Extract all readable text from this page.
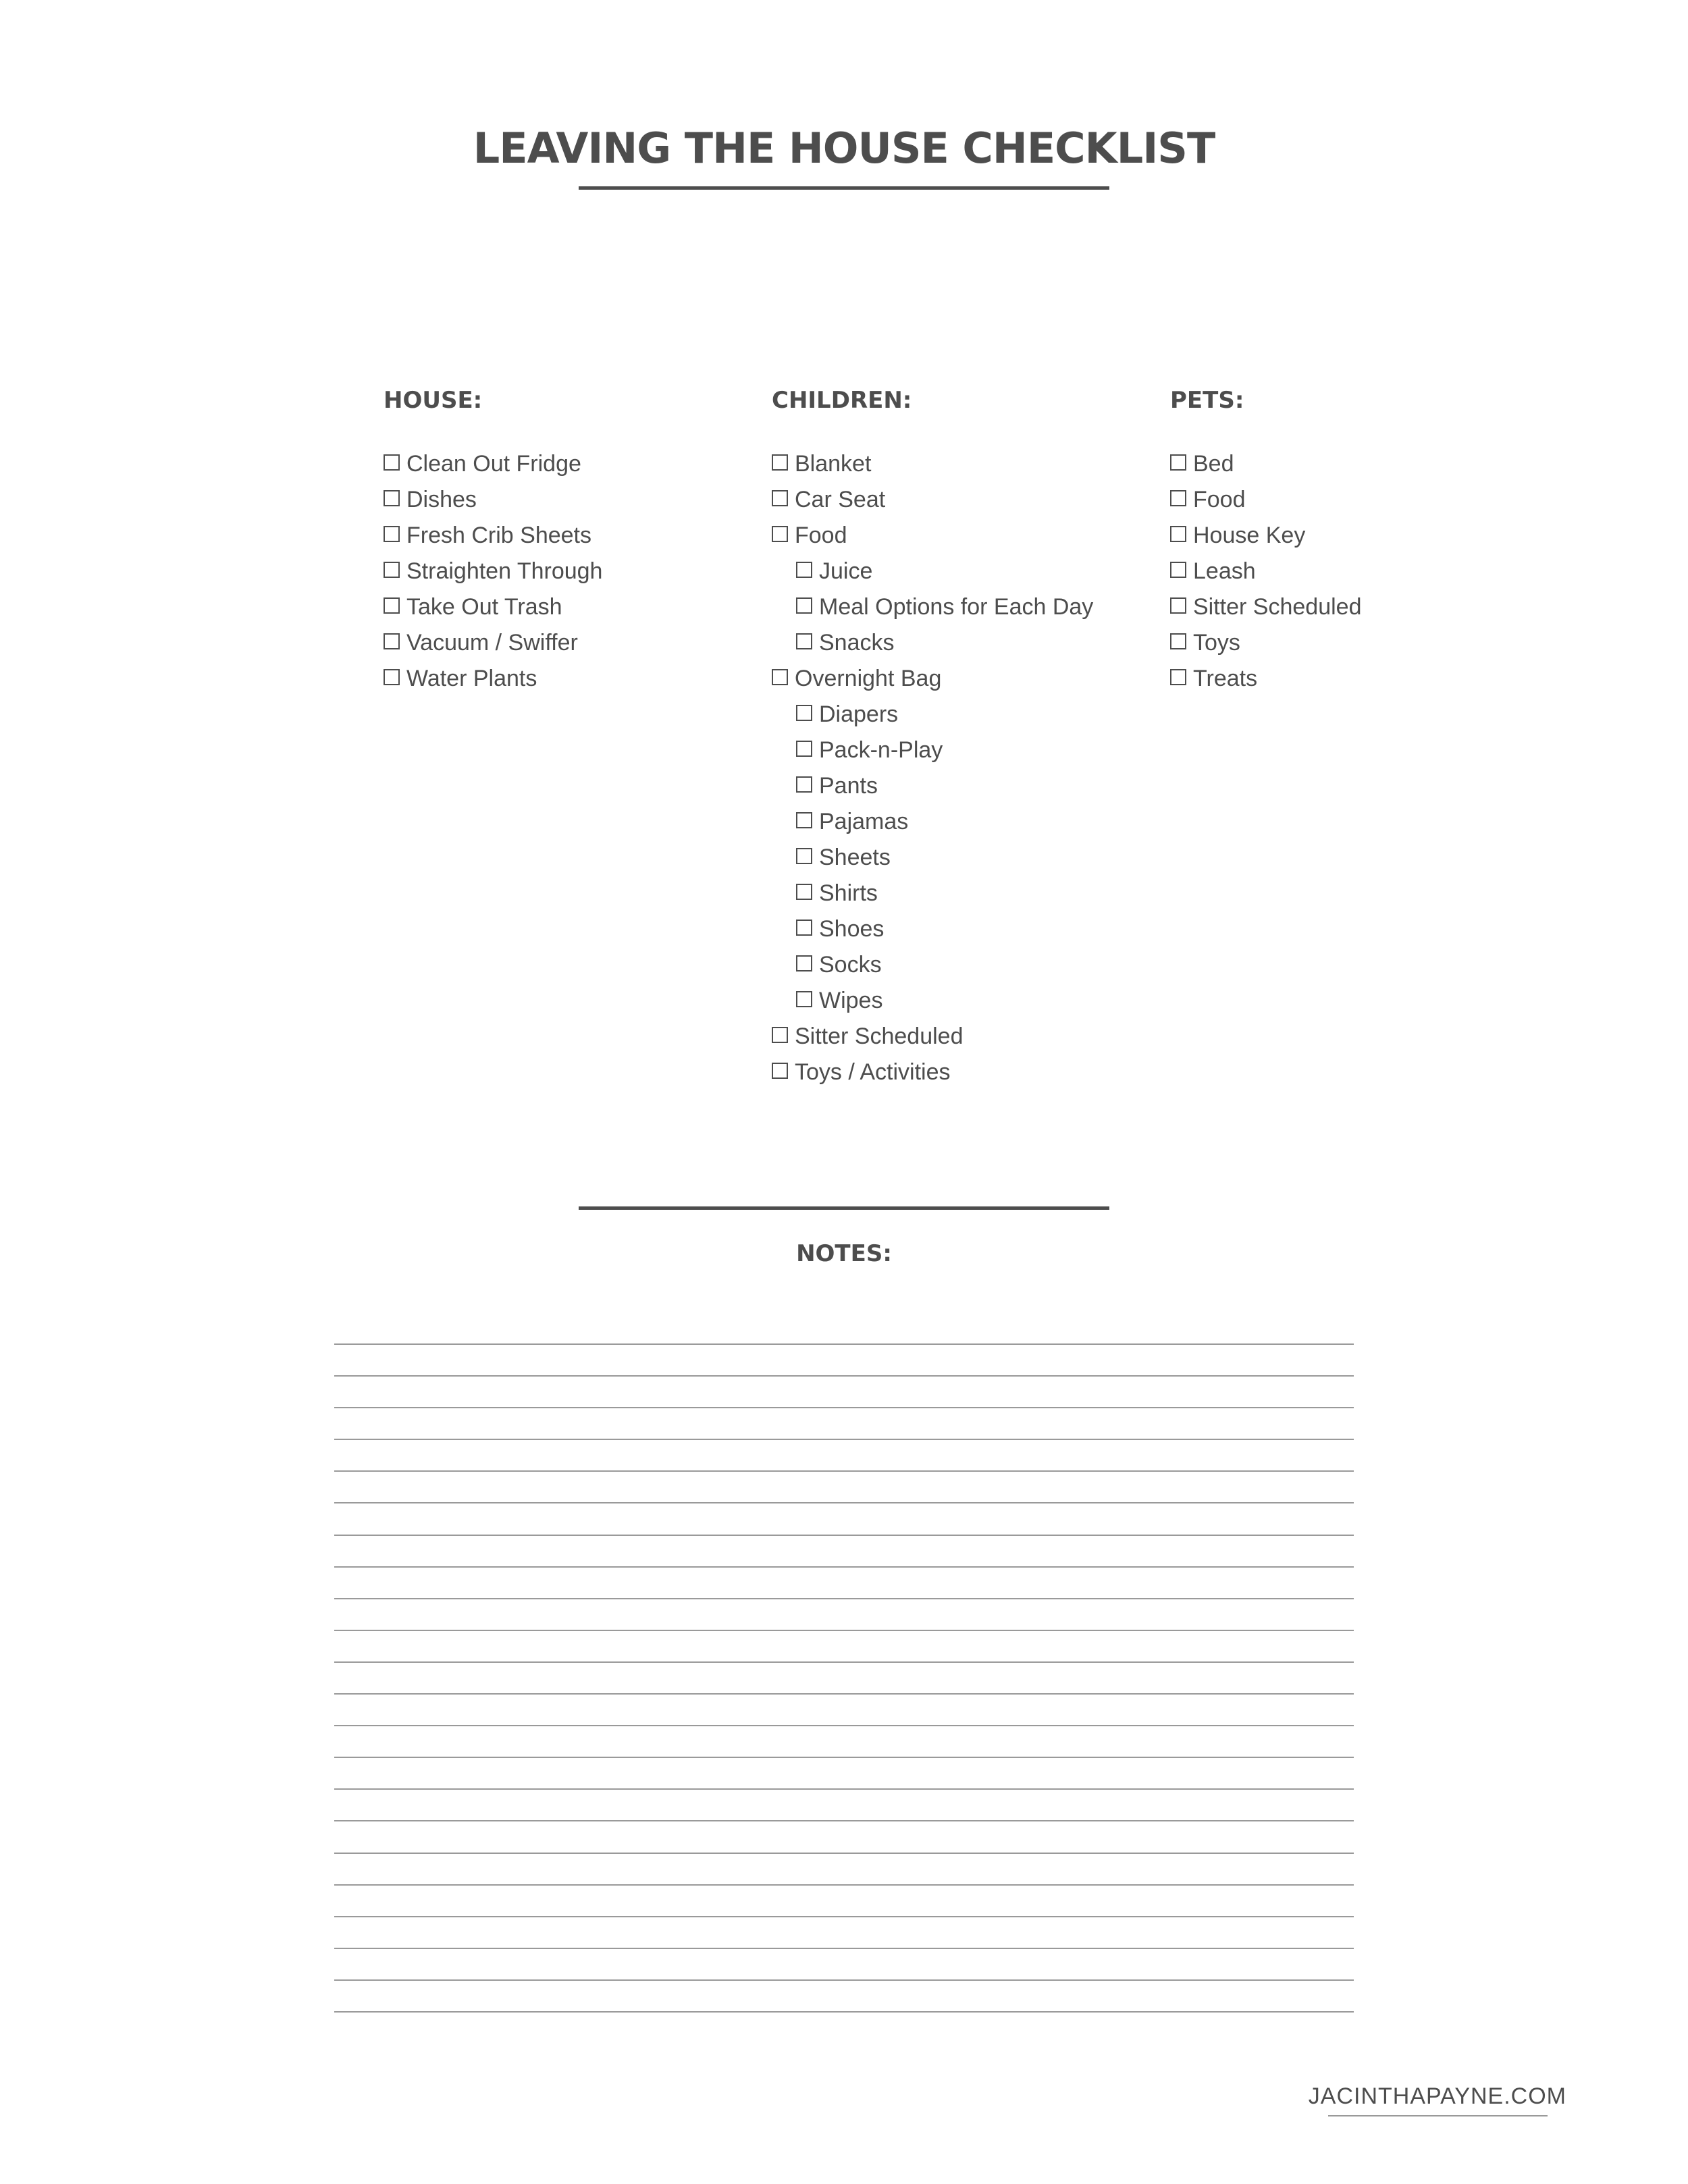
LEAVING THE HOUSE CHECKLIST
HOUSE:
Clean Out Fridge
Dishes
Fresh Crib Sheets
Straighten Through
Take Out Trash
Vacuum / Swiffer
Water Plants
CHILDREN:
Blanket
Car Seat
Food
Juice
Meal Options for Each Day
Snacks
Overnight Bag
Diapers
Pack-n-Play
Pants
Pajamas
Sheets
Shirts
Shoes
Socks
Wipes
Sitter Scheduled
Toys / Activities
PETS:
Bed
Food
House Key
Leash
Sitter Scheduled
Toys
Treats
NOTES:
JACINTHAPAYNE.COM
